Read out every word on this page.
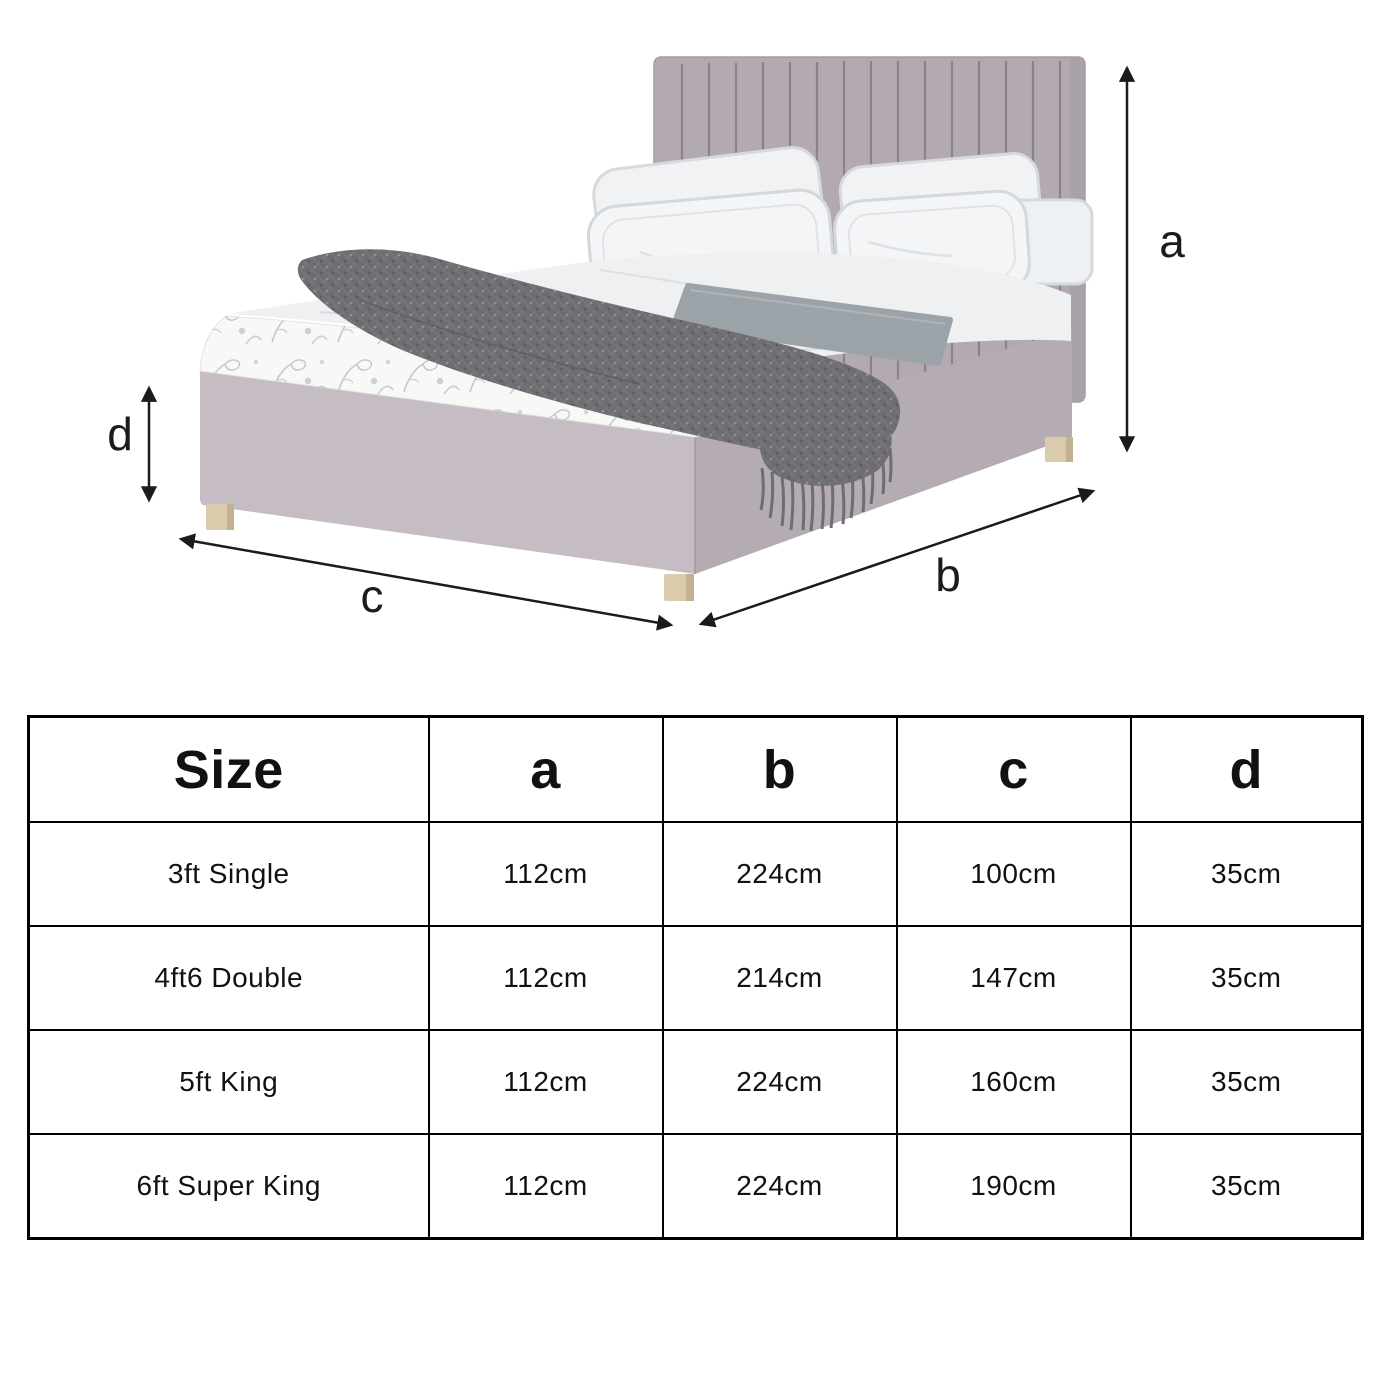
a
d
c	b
Size	a	b	c	d
3ft Single	112cm	224cm	100cm	35cm
4ft6 Double	112cm	214cm	147cm	35cm
5ft King	112cm	224cm	160cm	35cm
6ft Super King	112cm	224cm	190cm	35cm
